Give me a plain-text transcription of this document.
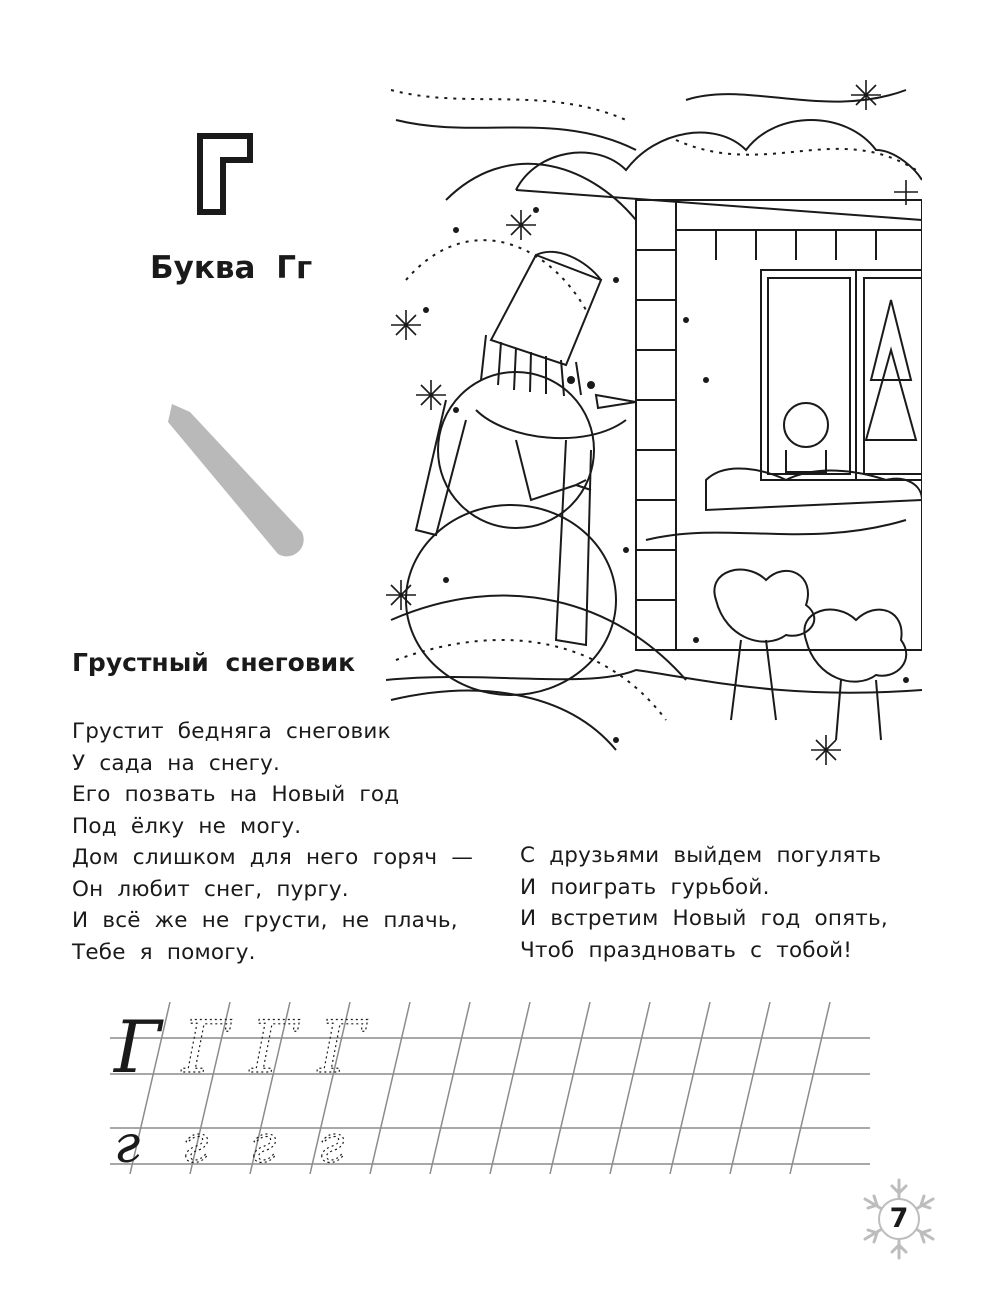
Буква Гг
Грустный снеговик
Грустит бедняга снеговик
У сада на снегу.
Его позвать на Новый год
Под ёлку не могу.
Дом слишком для него горяч —
Он любит снег, пургу.
И всё же не грусти, не плачь,
Тебе я помогу.
С друзьями выйдем погулять
И поиграть гурьбой.
И встретим Новый год опять,
Чтоб праздновать с тобой!
Г Г Г Г
г г г г
7
